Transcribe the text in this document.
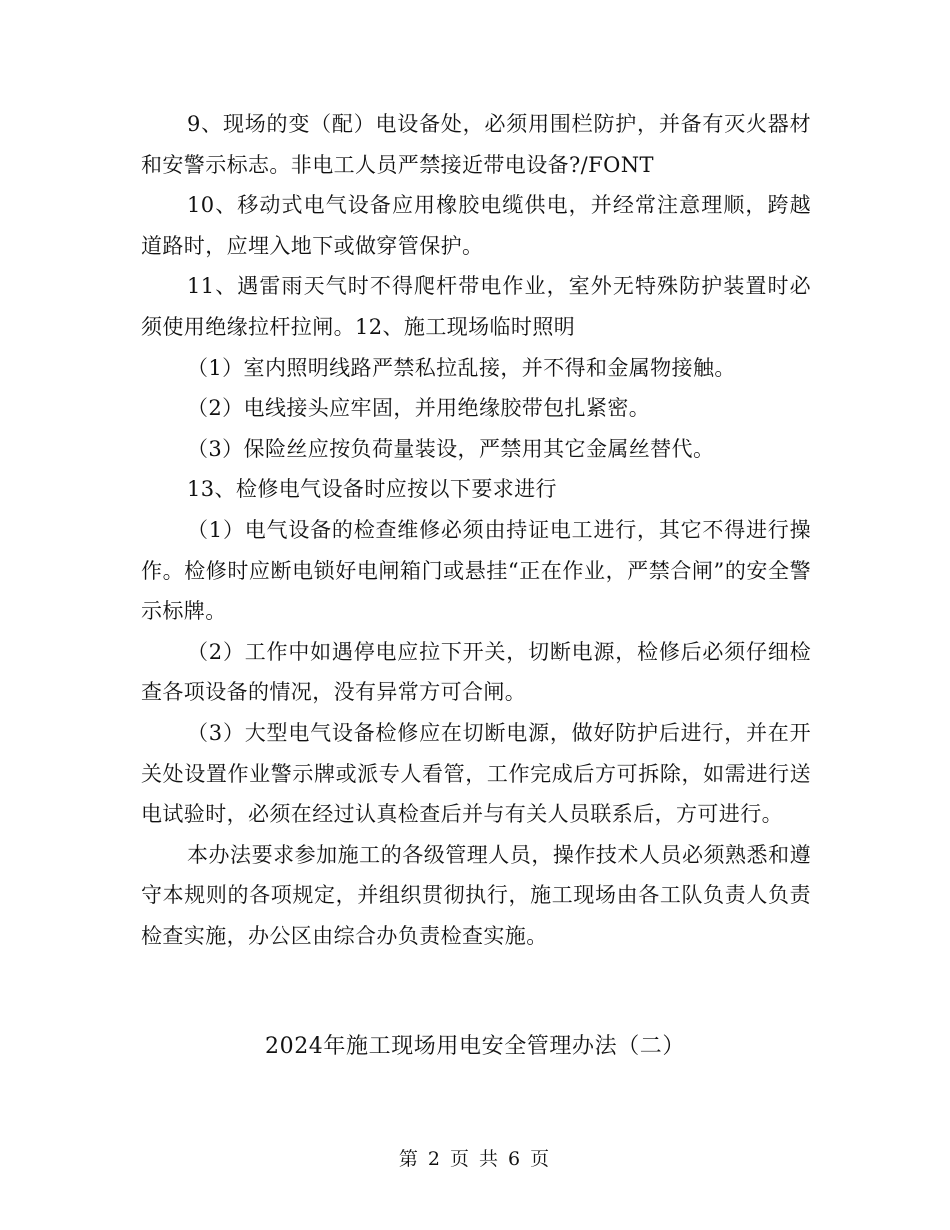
9、现场的变（配）电设备处，必须用围栏防护，并备有灭火器材和安警示标志。非电工人员严禁接近带电设备?/FONT

10、移动式电气设备应用橡胶电缆供电，并经常注意理顺，跨越道路时，应埋入地下或做穿管保护。

11、遇雷雨天气时不得爬杆带电作业，室外无特殊防护装置时必须使用绝缘拉杆拉闸。12、施工现场临时照明

（1）室内照明线路严禁私拉乱接，并不得和金属物接触。

（2）电线接头应牢固，并用绝缘胶带包扎紧密。

（3）保险丝应按负荷量装设，严禁用其它金属丝替代。

13、检修电气设备时应按以下要求进行

（1）电气设备的检查维修必须由持证电工进行，其它不得进行操作。检修时应断电锁好电闸箱门或悬挂“正在作业，严禁合闸”的安全警示标牌。

（2）工作中如遇停电应拉下开关，切断电源，检修后必须仔细检查各项设备的情况，没有异常方可合闸。

（3）大型电气设备检修应在切断电源，做好防护后进行，并在开关处设置作业警示牌或派专人看管，工作完成后方可拆除，如需进行送电试验时，必须在经过认真检查后并与有关人员联系后，方可进行。

本办法要求参加施工的各级管理人员，操作技术人员必须熟悉和遵守本规则的各项规定，并组织贯彻执行，施工现场由各工队负责人负责检查实施，办公区由综合办负责检查实施。

2024年施工现场用电安全管理办法（二）
第 2 页 共 6 页
